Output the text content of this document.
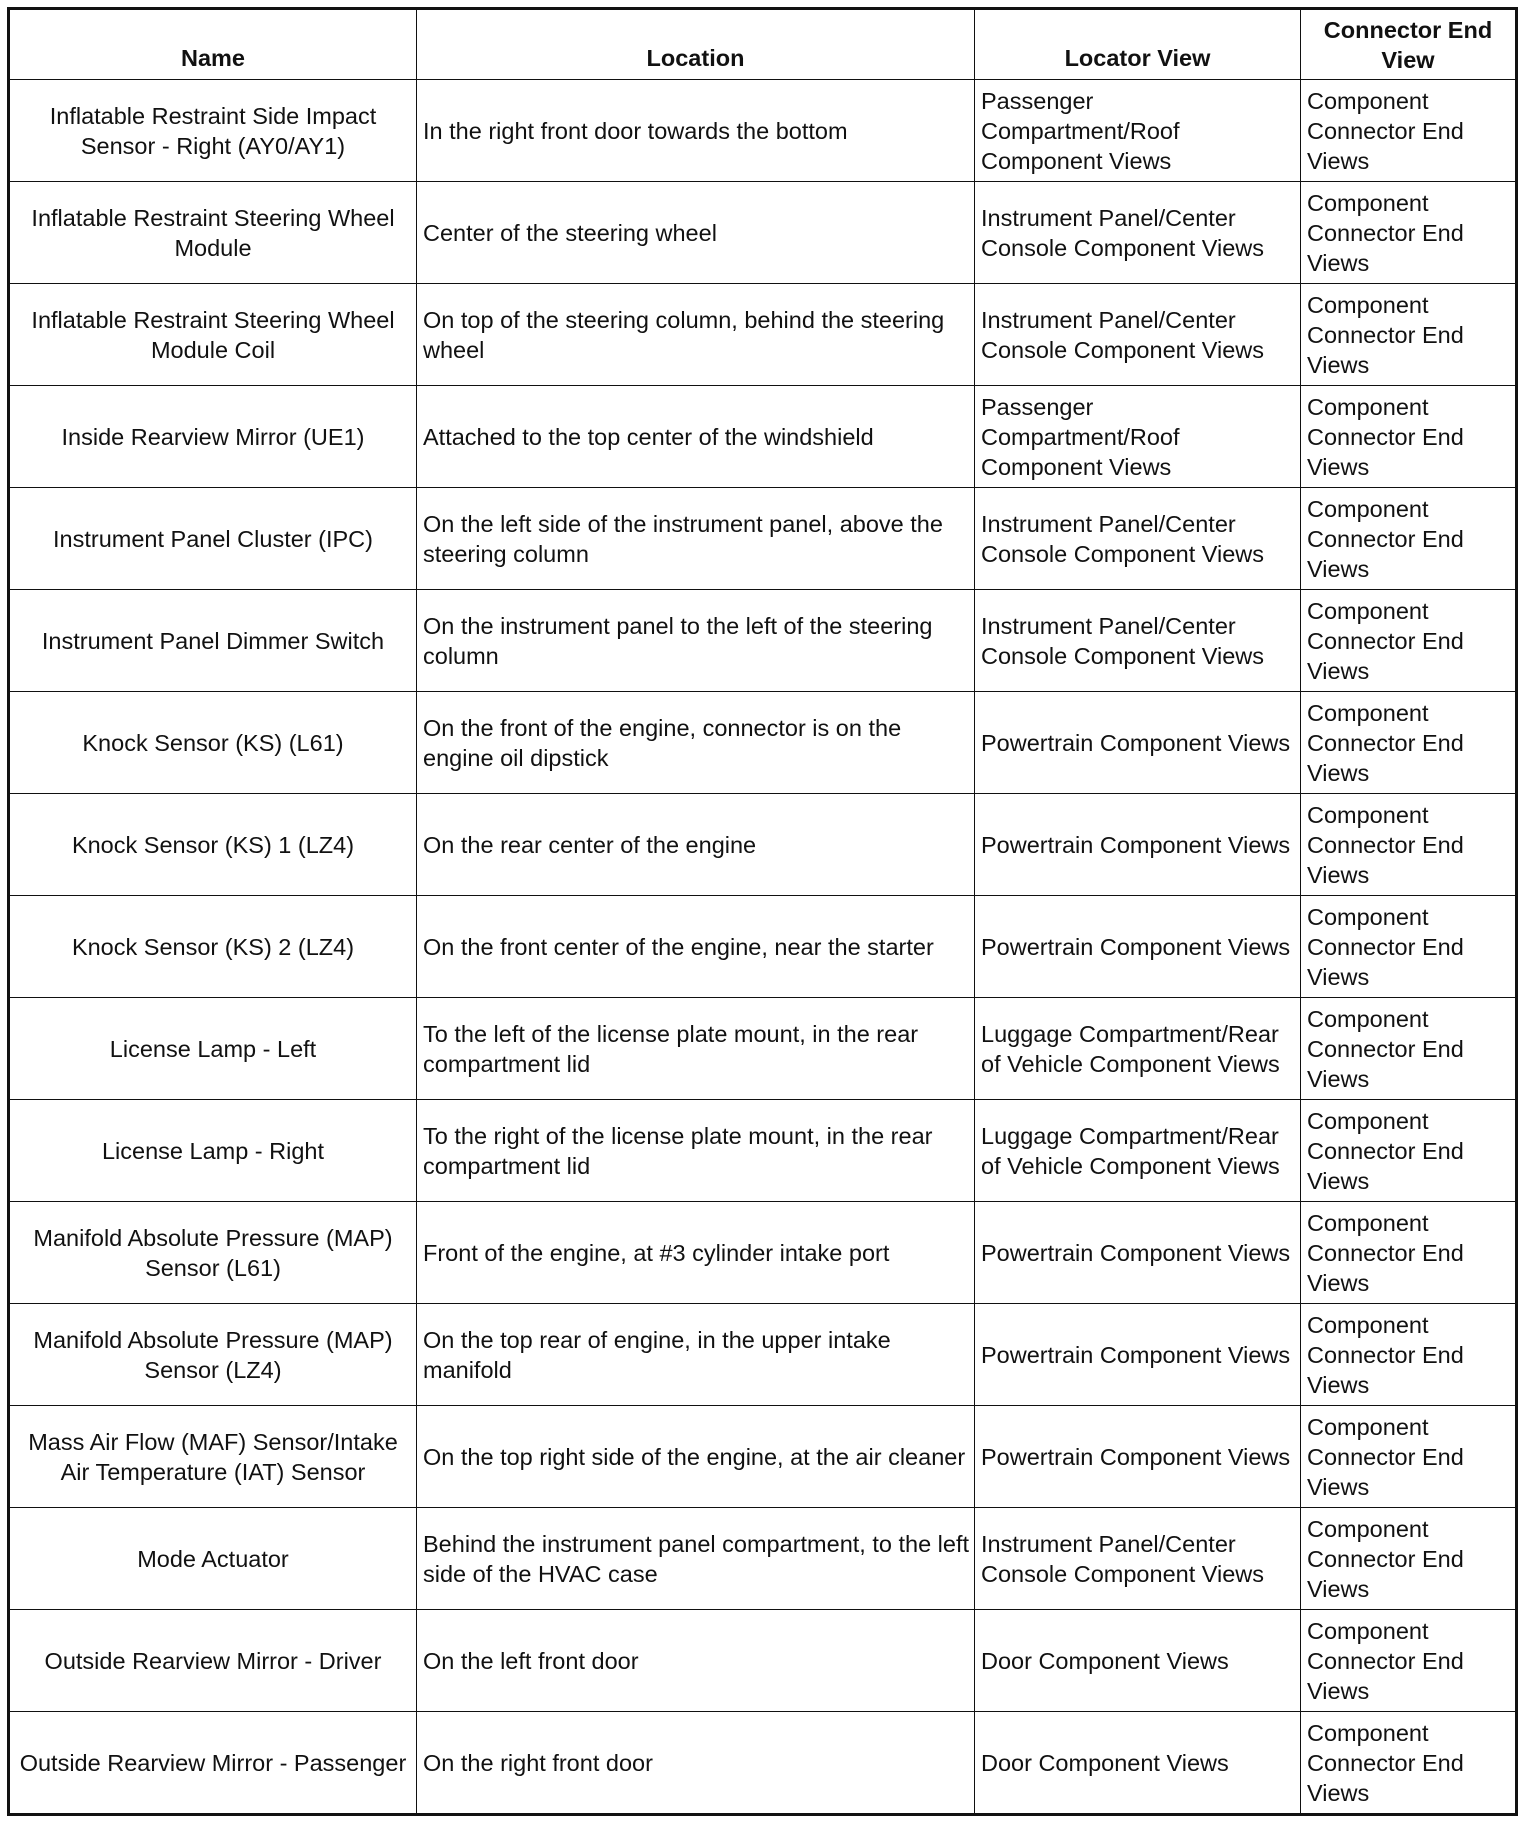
Name	Location	Locator View	Connector End View
Inflatable Restraint Side Impact Sensor - Right (AY0/AY1)	In the right front door towards the bottom	Passenger Compartment/Roof Component Views	Component Connector End Views
Inflatable Restraint Steering Wheel Module	Center of the steering wheel	Instrument Panel/Center Console Component Views	Component Connector End Views
Inflatable Restraint Steering Wheel Module Coil	On top of the steering column, behind the steering wheel	Instrument Panel/Center Console Component Views	Component Connector End Views
Inside Rearview Mirror (UE1)	Attached to the top center of the windshield	Passenger Compartment/Roof Component Views	Component Connector End Views
Instrument Panel Cluster (IPC)	On the left side of the instrument panel, above the steering column	Instrument Panel/Center Console Component Views	Component Connector End Views
Instrument Panel Dimmer Switch	On the instrument panel to the left of the steering column	Instrument Panel/Center Console Component Views	Component Connector End Views
Knock Sensor (KS) (L61)	On the front of the engine, connector is on the engine oil dipstick	Powertrain Component Views	Component Connector End Views
Knock Sensor (KS) 1 (LZ4)	On the rear center of the engine	Powertrain Component Views	Component Connector End Views
Knock Sensor (KS) 2 (LZ4)	On the front center of the engine, near the starter	Powertrain Component Views	Component Connector End Views
License Lamp - Left	To the left of the license plate mount, in the rear compartment lid	Luggage Compartment/Rear of Vehicle Component Views	Component Connector End Views
License Lamp - Right	To the right of the license plate mount, in the rear compartment lid	Luggage Compartment/Rear of Vehicle Component Views	Component Connector End Views
Manifold Absolute Pressure (MAP) Sensor (L61)	Front of the engine, at #3 cylinder intake port	Powertrain Component Views	Component Connector End Views
Manifold Absolute Pressure (MAP) Sensor (LZ4)	On the top rear of engine, in the upper intake manifold	Powertrain Component Views	Component Connector End Views
Mass Air Flow (MAF) Sensor/Intake Air Temperature (IAT) Sensor	On the top right side of the engine, at the air cleaner	Powertrain Component Views	Component Connector End Views
Mode Actuator	Behind the instrument panel compartment, to the left side of the HVAC case	Instrument Panel/Center Console Component Views	Component Connector End Views
Outside Rearview Mirror - Driver	On the left front door	Door Component Views	Component Connector End Views
Outside Rearview Mirror - Passenger	On the right front door	Door Component Views	Component Connector End Views
